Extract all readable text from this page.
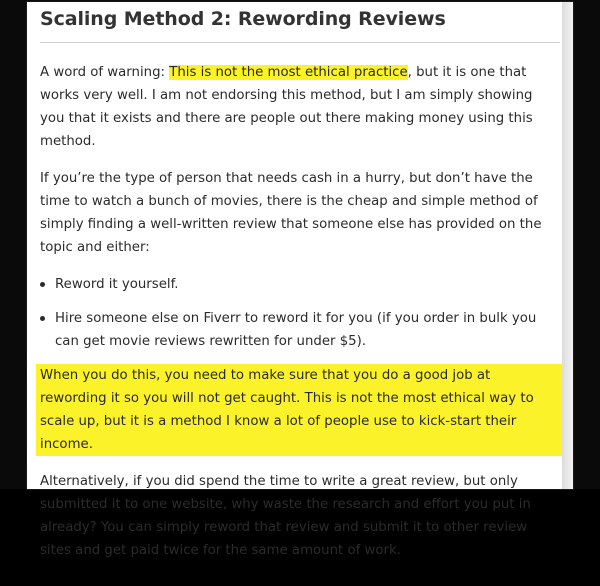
Scaling Method 2: Rewording Reviews

A word of warning: This is not the most ethical practice, but it is one that works very well. I am not endorsing this method, but I am simply showing you that it exists and there are people out there making money using this method.

If you’re the type of person that needs cash in a hurry, but don’t have the time to watch a bunch of movies, there is the cheap and simple method of simply finding a well-written review that someone else has provided on the topic and either:

Reword it yourself.
Hire someone else on Fiverr to reword it for you (if you order in bulk you can get movie reviews rewritten for under $5).

When you do this, you need to make sure that you do a good job at rewording it so you will not get caught. This is not the most ethical way to scale up, but it is a method I know a lot of people use to kick-start their income.

Alternatively, if you did spend the time to write a great review, but only submitted it to one website, why waste the research and effort you put in already? You can simply reword that review and submit it to other review sites and get paid twice for the same amount of work.
